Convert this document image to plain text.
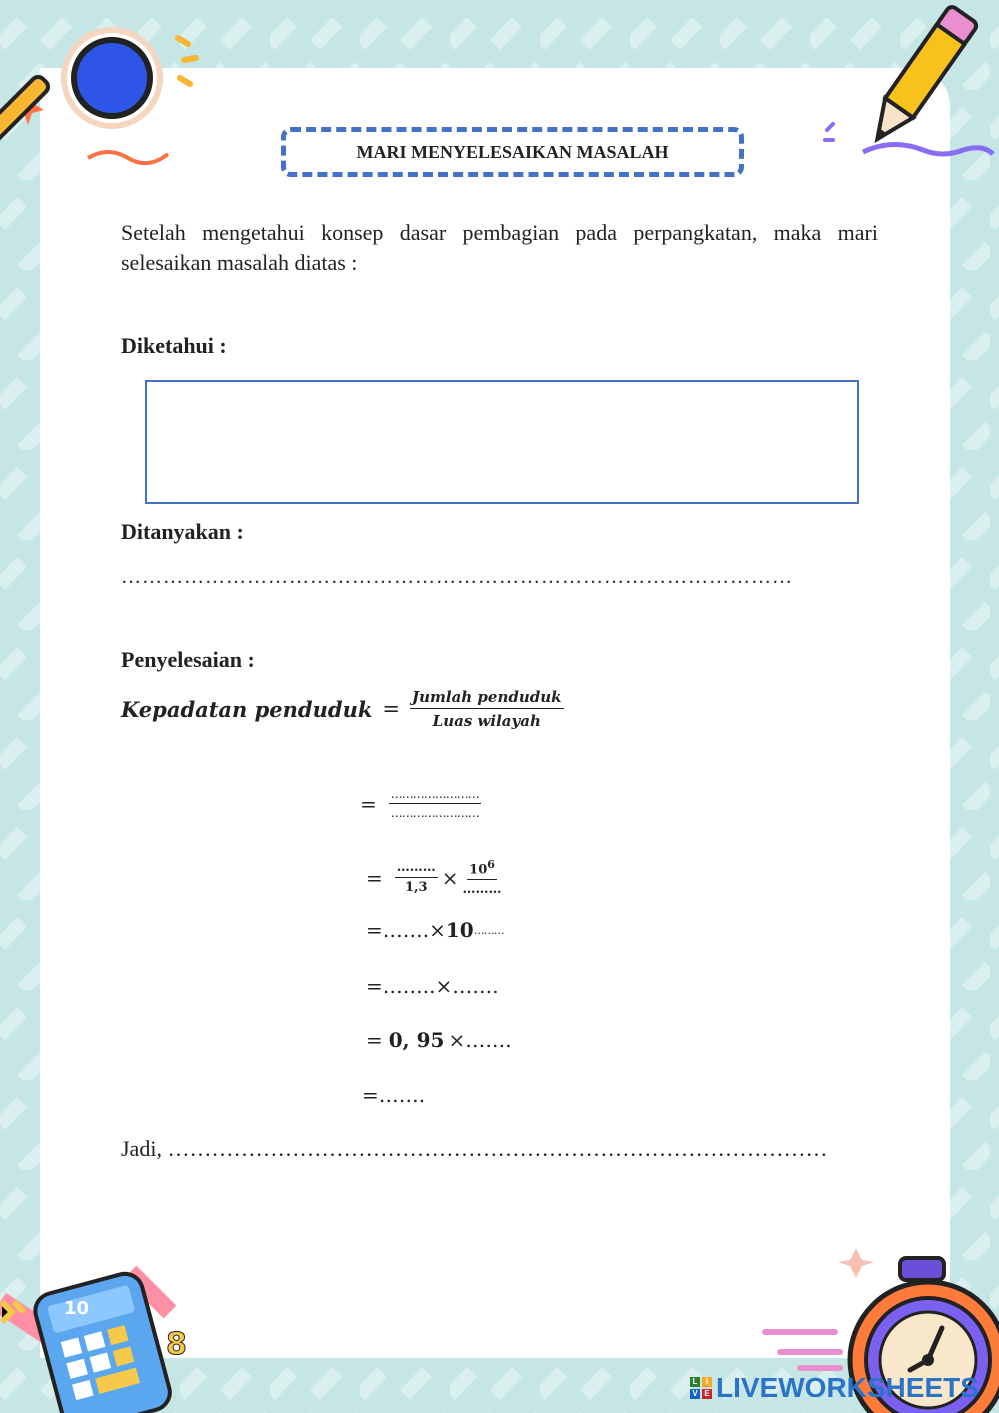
MARI MENYELESAIKAN MASALAH

Setelah mengetahui konsep dasar pembagian pada perpangkatan, maka mari selesaikan masalah diatas :

Diketahui :
Ditanyakan :
……………………………………………………………………………………
Penyelesaian :
Kepadatan penduduk = $\frac{\text{Jumlah penduduk}}{\text{Luas wilayah}}$
= $\frac{\dots\dots\dots\dots\dots\dots\dots\dots}{\dots\dots\dots\dots\dots\dots\dots\dots}$
= $\frac{\dots\dots\dots}{1,3} \times \frac{10^6}{\dots\dots\dots}$
=……. × 10 ………
=……..×…….
= 0, 95 ×…….
=…….
Jadi, ………………………………………………………………………………
10
8
L	I
V E LIVEWORKSHEETS
